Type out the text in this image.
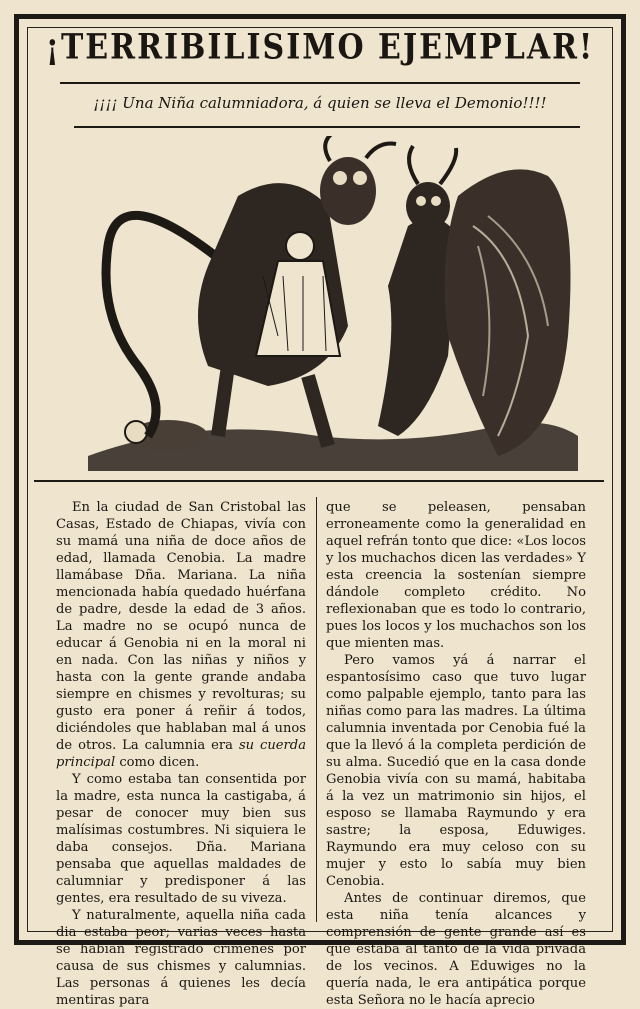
¡TERRIBILISIMO EJEMPLAR!
¡¡¡¡ Una Niña calumniadora, á quien se lleva el Demonio!!!!

En la ciudad de San Cristobal las Casas, Estado de Chiapas, vivía con su mamá una niña de doce años de edad, llamada Cenobia. La madre llamábase Dña. Mariana. La niña mencionada había quedado huérfana de padre, desde la edad de 3 años. La madre no se ocupó nunca de educar á Genobia ni en la moral ni en nada. Con las niñas y niños y hasta con la gente grande andaba siempre en chismes y revolturas; su gusto era poner á reñir á todos, diciéndoles que hablaban mal á unos de otros. La calumnia era su cuerda principal como dicen.

Y como estaba tan consentida por la madre, esta nunca la castigaba, á pesar de conocer muy bien sus malísimas costumbres. Ni siquiera le daba consejos. Dña. Mariana pensaba que aquellas maldades de calumniar y predisponer á las gentes, era resultado de su viveza.

Y naturalmente, aquella niña cada dia estaba peor; varias veces hasta se habían registrado crímenes por causa de sus chismes y calumnias. Las personas á quienes les decía mentiras para

que se peleasen, pensaban erroneamente como la generalidad en aquel refrán tonto que dice: «Los locos y los muchachos dicen las verdades» Y esta creencia la sostenían siempre dándole completo crédito. No reflexionaban que es todo lo contrario, pues los locos y los muchachos son los que mienten mas.

Pero vamos yá á narrar el espantosísimo caso que tuvo lugar como palpable ejemplo, tanto para las niñas como para las madres. La última calumnia inventada por Cenobia fué la que la llevó á la completa perdición de su alma. Sucedió que en la casa donde Genobia vivía con su mamá, habitaba á la vez un matrimonio sin hijos, el esposo se llamaba Raymundo y era sastre; la esposa, Eduwiges. Raymundo era muy celoso con su mujer y esto lo sabía muy bien Cenobia.

Antes de continuar diremos, que esta niña tenía alcances y comprensión de gente grande así es que estaba al tanto de la vida privada de los vecinos. A Eduwiges no la quería nada, le era antipática porque esta Señora no le hacía aprecio
